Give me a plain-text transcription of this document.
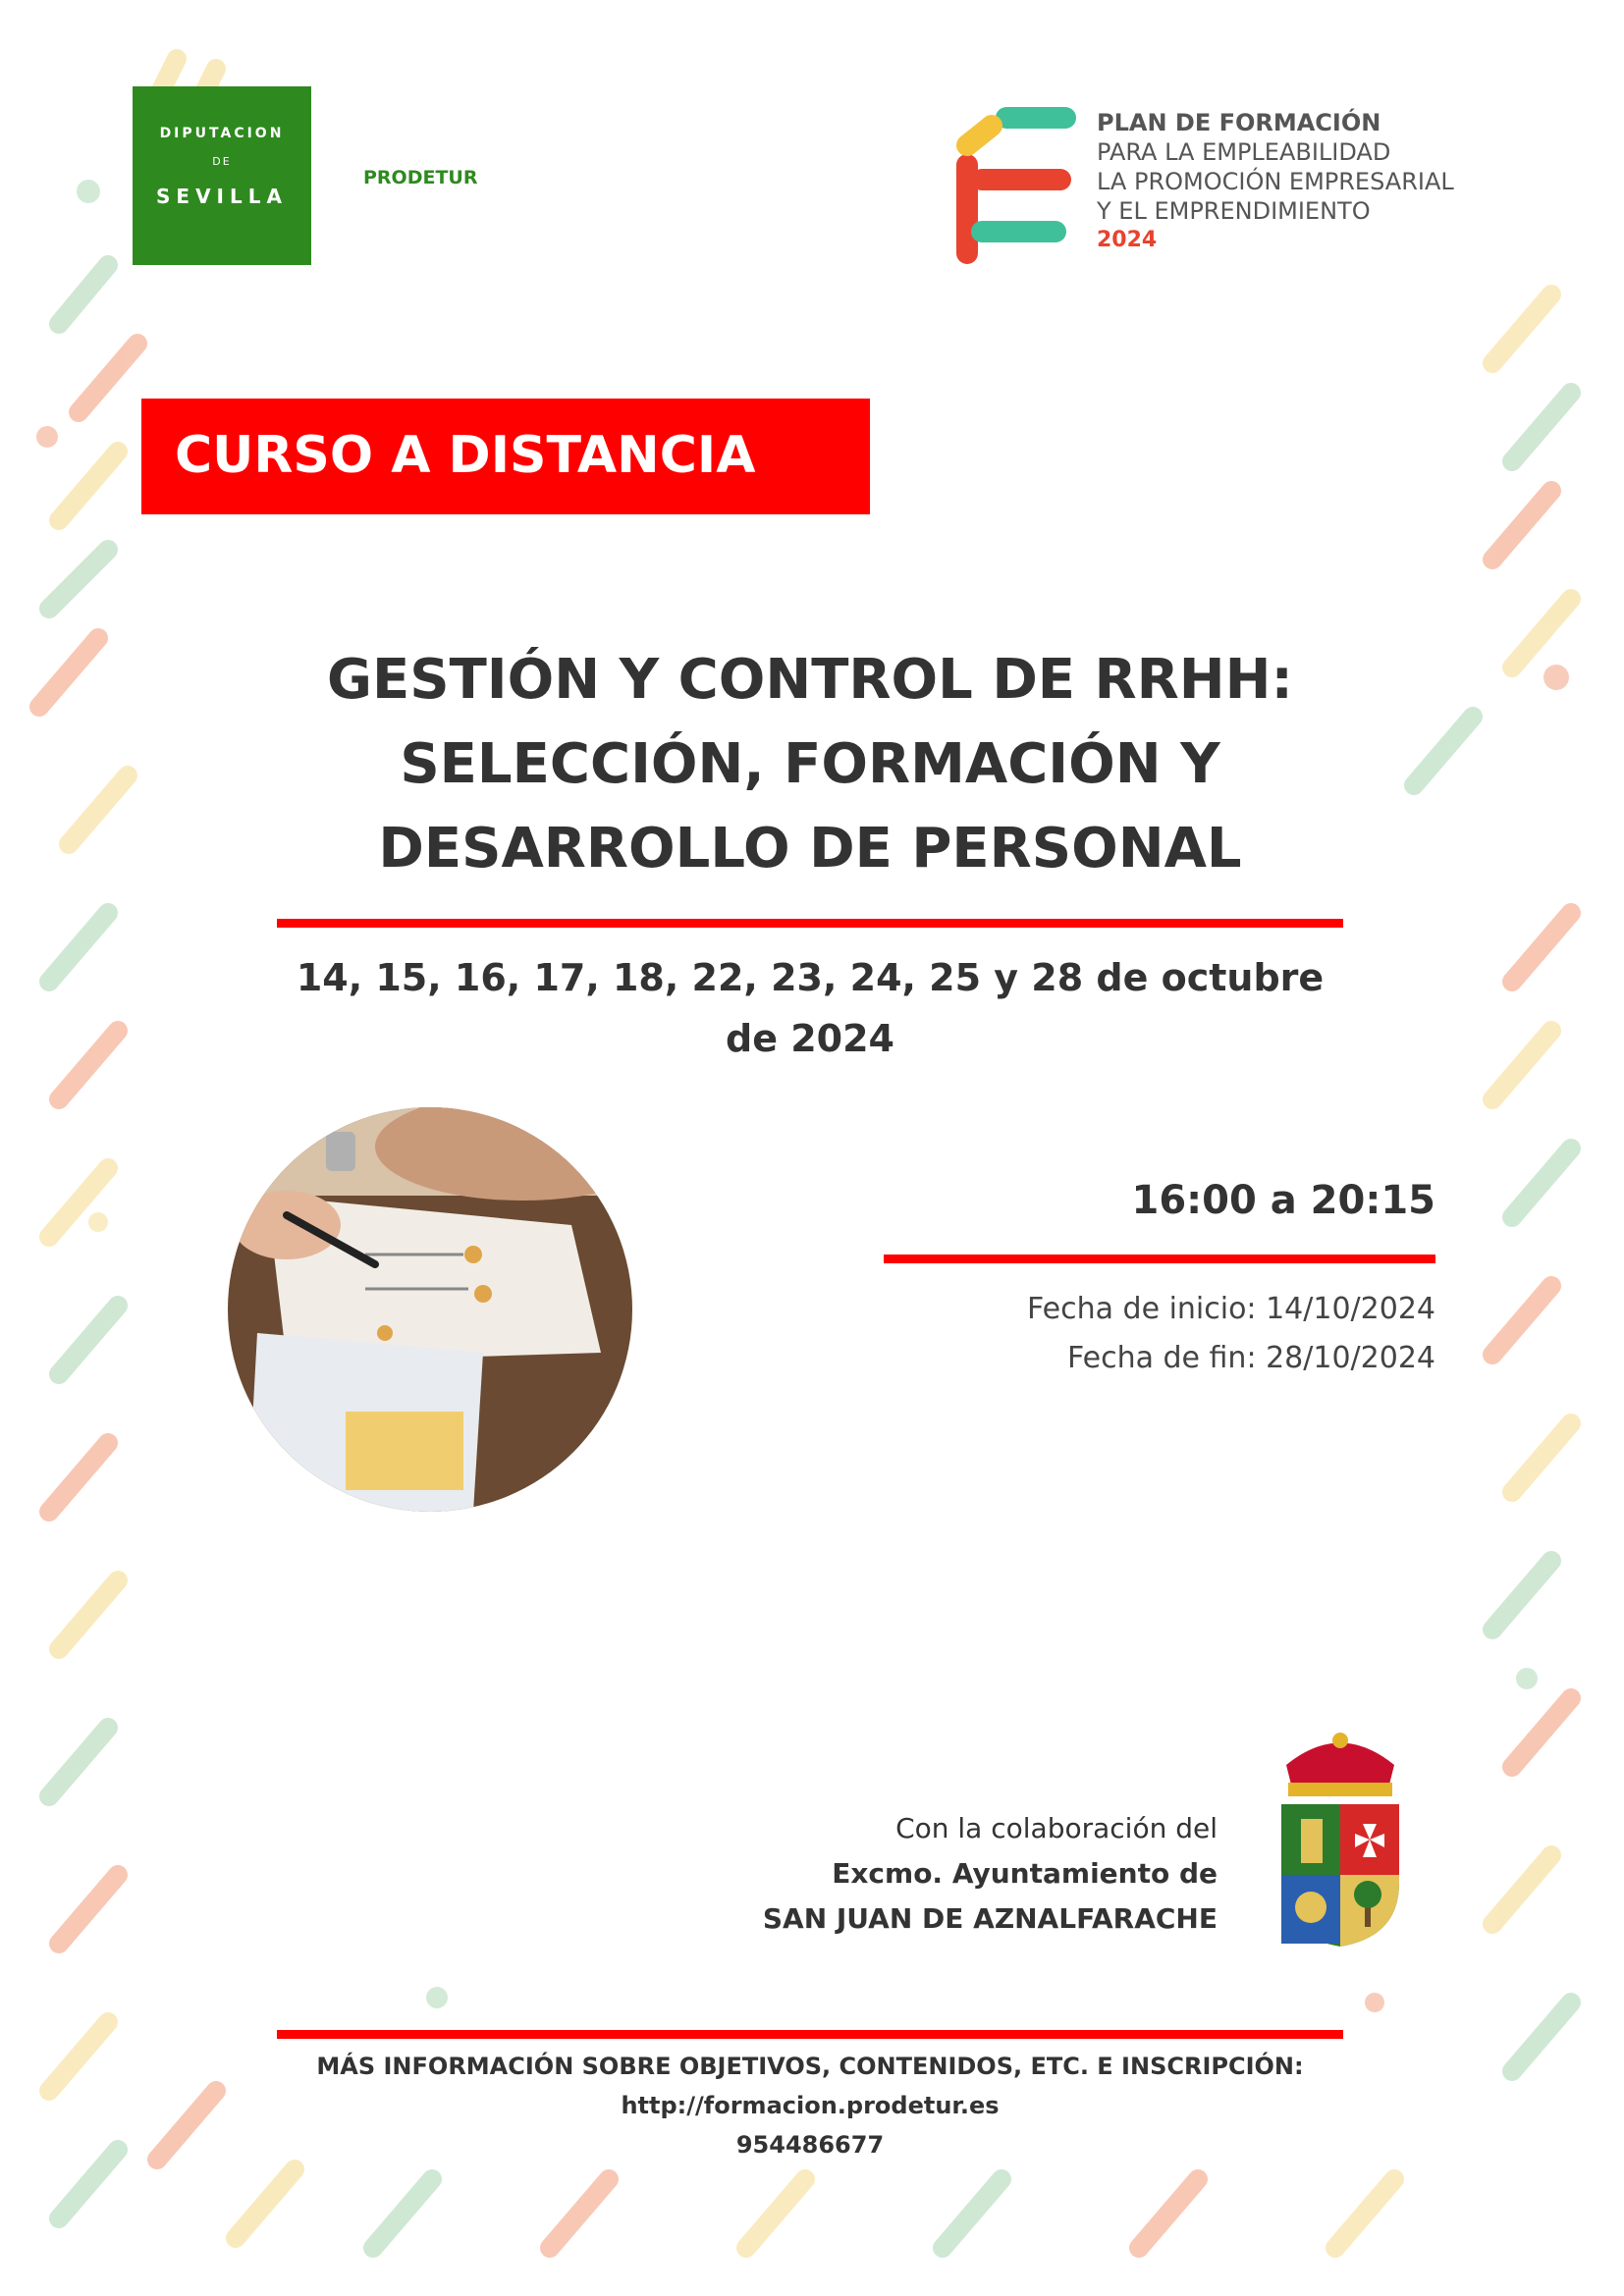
DIPUTACION
DE
SEVILLA
PRODETUR
PLAN DE FORMACIÓN
PARA LA EMPLEABILIDAD
LA PROMOCIÓN EMPRESARIAL
Y EL EMPRENDIMIENTO
2024
CURSO A DISTANCIA
GESTIÓN Y CONTROL DE RRHH:
SELECCIÓN, FORMACIÓN Y
DESARROLLO DE PERSONAL
14, 15, 16, 17, 18, 22, 23, 24, 25 y 28 de octubre
de 2024
16:00 a 20:15
Fecha de inicio: 14/10/2024
Fecha de fin: 28/10/2024
Con la colaboración del
Excmo. Ayuntamiento de
SAN JUAN DE AZNALFARACHE
MÁS INFORMACIÓN SOBRE OBJETIVOS, CONTENIDOS, ETC. E INSCRIPCIÓN:
http://formacion.prodetur.es
954486677
